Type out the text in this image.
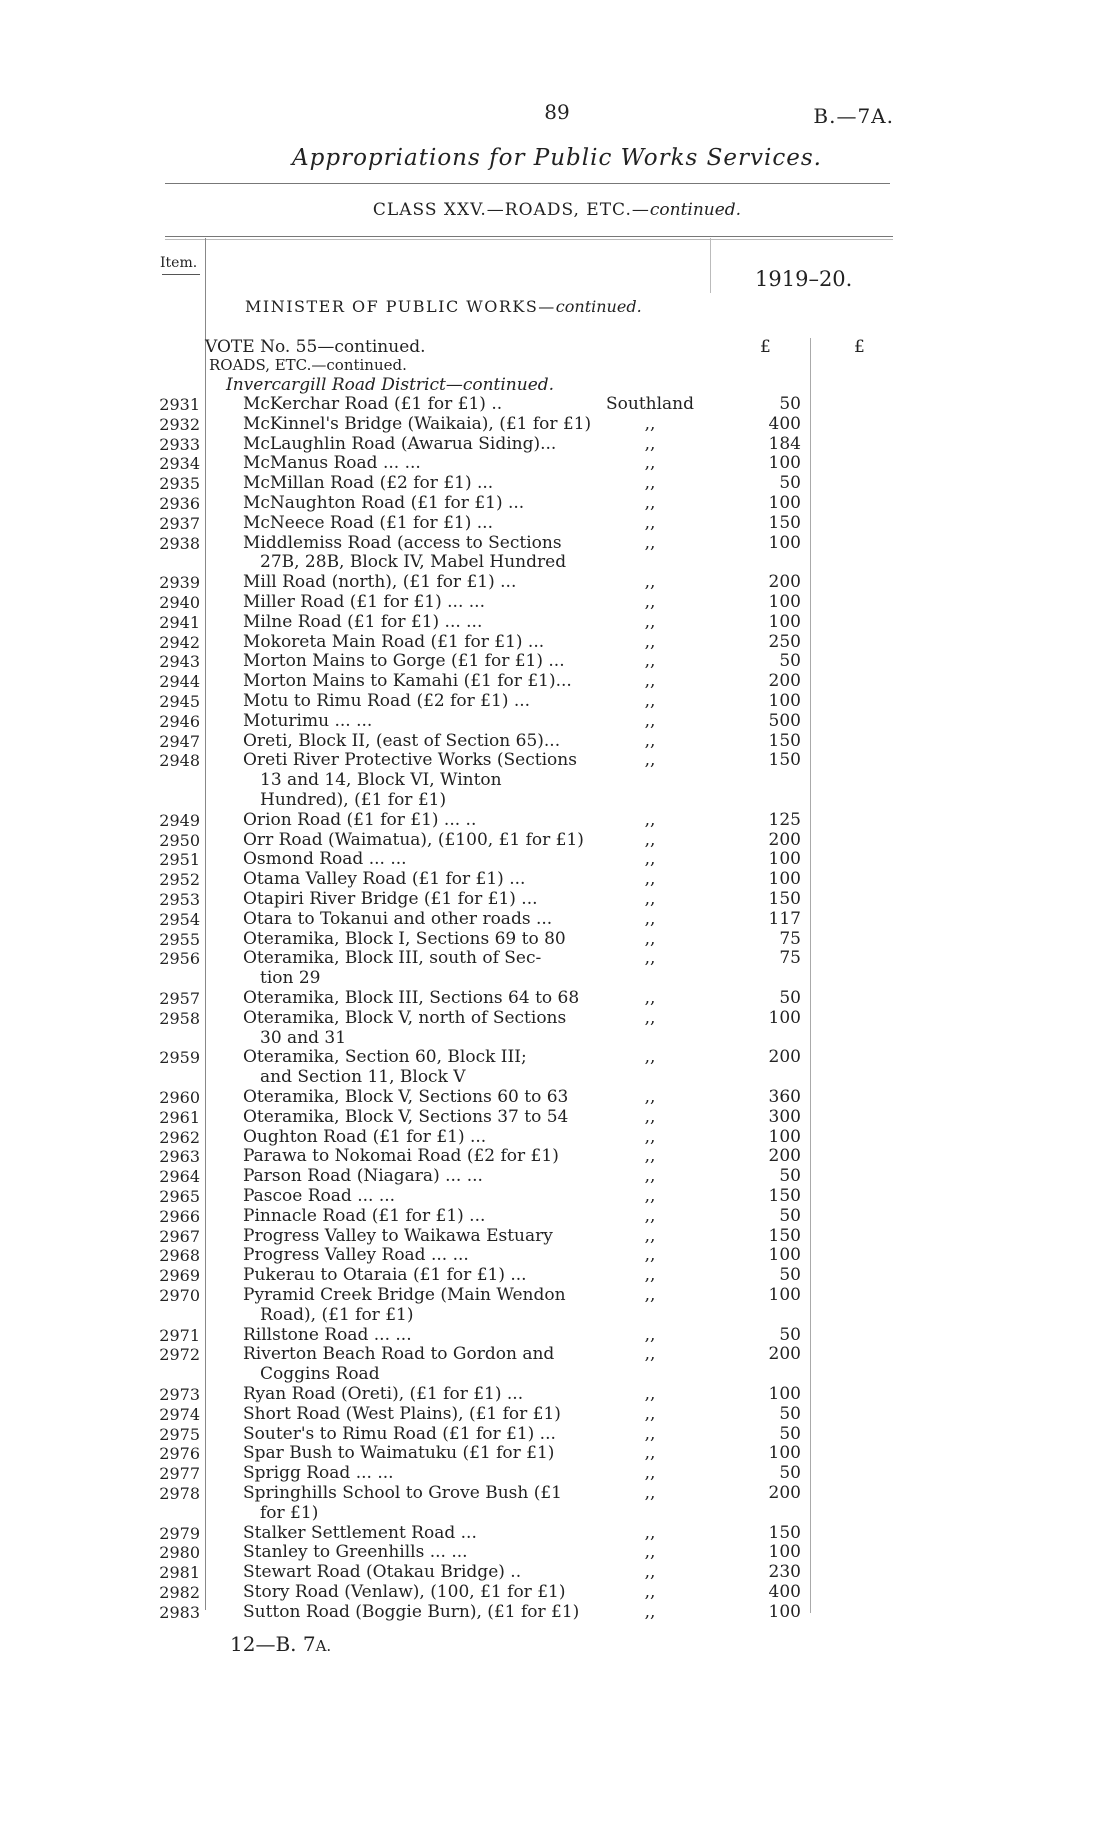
89	B.—7A.
Appropriations for Public Works Services.
CLASS XXV.—ROADS, ETC.—continued.
Item.
1919–20.
MINISTER OF PUBLIC WORKS—continued.
VOTE No. 55—continued.
ROADS, ETC.—continued.
Invercargill Road District—continued.
£	£
2931	McKerchar Road (£1 for £1) ..	Southland	50
2932	McKinnel's Bridge (Waikaia), (£1 for £1)	,,	400
2933	McLaughlin Road (Awarua Siding)...	,,	184
2934	McManus Road ... ...	,,	100
2935	McMillan Road (£2 for £1) ...	,,	50
2936	McNaughton Road (£1 for £1) ...	,,	100
2937	McNeece Road (£1 for £1) ...	,,	150
2938	Middlemiss Road (access to Sections
27B, 28B, Block IV, Mabel Hundred
,,	100
2939	Mill Road (north), (£1 for £1) ...	,,	200
2940	Miller Road (£1 for £1) ... ...	,,	100
2941	Milne Road (£1 for £1) ... ...	,,	100
2942	Mokoreta Main Road (£1 for £1) ...	,,	250
2943	Morton Mains to Gorge (£1 for £1) ...	,,	50
2944	Morton Mains to Kamahi (£1 for £1)...	,,	200
2945	Motu to Rimu Road (£2 for £1) ...	,,	100
2946	Moturimu ... ...	,,	500
2947	Oreti, Block II, (east of Section 65)...	,,	150
2948	Oreti River Protective Works (Sections
13 and 14, Block VI, Winton
Hundred), (£1 for £1)
,,	150
2949	Orion Road (£1 for £1) ... ..	,,	125
2950	Orr Road (Waimatua), (£100, £1 for £1)	,,	200
2951	Osmond Road ... ...	,,	100
2952	Otama Valley Road (£1 for £1) ...	,,	100
2953	Otapiri River Bridge (£1 for £1) ...	,,	150
2954	Otara to Tokanui and other roads ...	,,	117
2955	Oteramika, Block I, Sections 69 to 80	,,	75
2956	Oteramika, Block III, south of Sec-
tion 29
,,	75
2957	Oteramika, Block III, Sections 64 to 68	,,	50
2958	Oteramika, Block V, north of Sections
30 and 31
,,	100
2959	Oteramika, Section 60, Block III;
and Section 11, Block V
,,	200
2960	Oteramika, Block V, Sections 60 to 63	,,	360
2961	Oteramika, Block V, Sections 37 to 54	,,	300
2962	Oughton Road (£1 for £1) ...	,,	100
2963	Parawa to Nokomai Road (£2 for £1)	,,	200
2964	Parson Road (Niagara) ... ...	,,	50
2965	Pascoe Road ... ...	,,	150
2966	Pinnacle Road (£1 for £1) ...	,,	50
2967	Progress Valley to Waikawa Estuary	,,	150
2968	Progress Valley Road ... ...	,,	100
2969	Pukerau to Otaraia (£1 for £1) ...	,,	50
2970	Pyramid Creek Bridge (Main Wendon
Road), (£1 for £1)
,,	100
2971	Rillstone Road ... ...	,,	50
2972	Riverton Beach Road to Gordon and
Coggins Road
,,	200
2973	Ryan Road (Oreti), (£1 for £1) ...	,,	100
2974	Short Road (West Plains), (£1 for £1)	,,	50
2975	Souter's to Rimu Road (£1 for £1) ...	,,	50
2976	Spar Bush to Waimatuku (£1 for £1)	,,	100
2977	Sprigg Road ... ...	,,	50
2978	Springhills School to Grove Bush (£1
for £1)
,,	200
2979	Stalker Settlement Road ...	,,	150
2980	Stanley to Greenhills ... ...	,,	100
2981	Stewart Road (Otakau Bridge) ..	,,	230
2982	Story Road (Venlaw), (100, £1 for £1)	,,	400
2983	Sutton Road (Boggie Burn), (£1 for £1)	,,	100
12—B. 7A.
